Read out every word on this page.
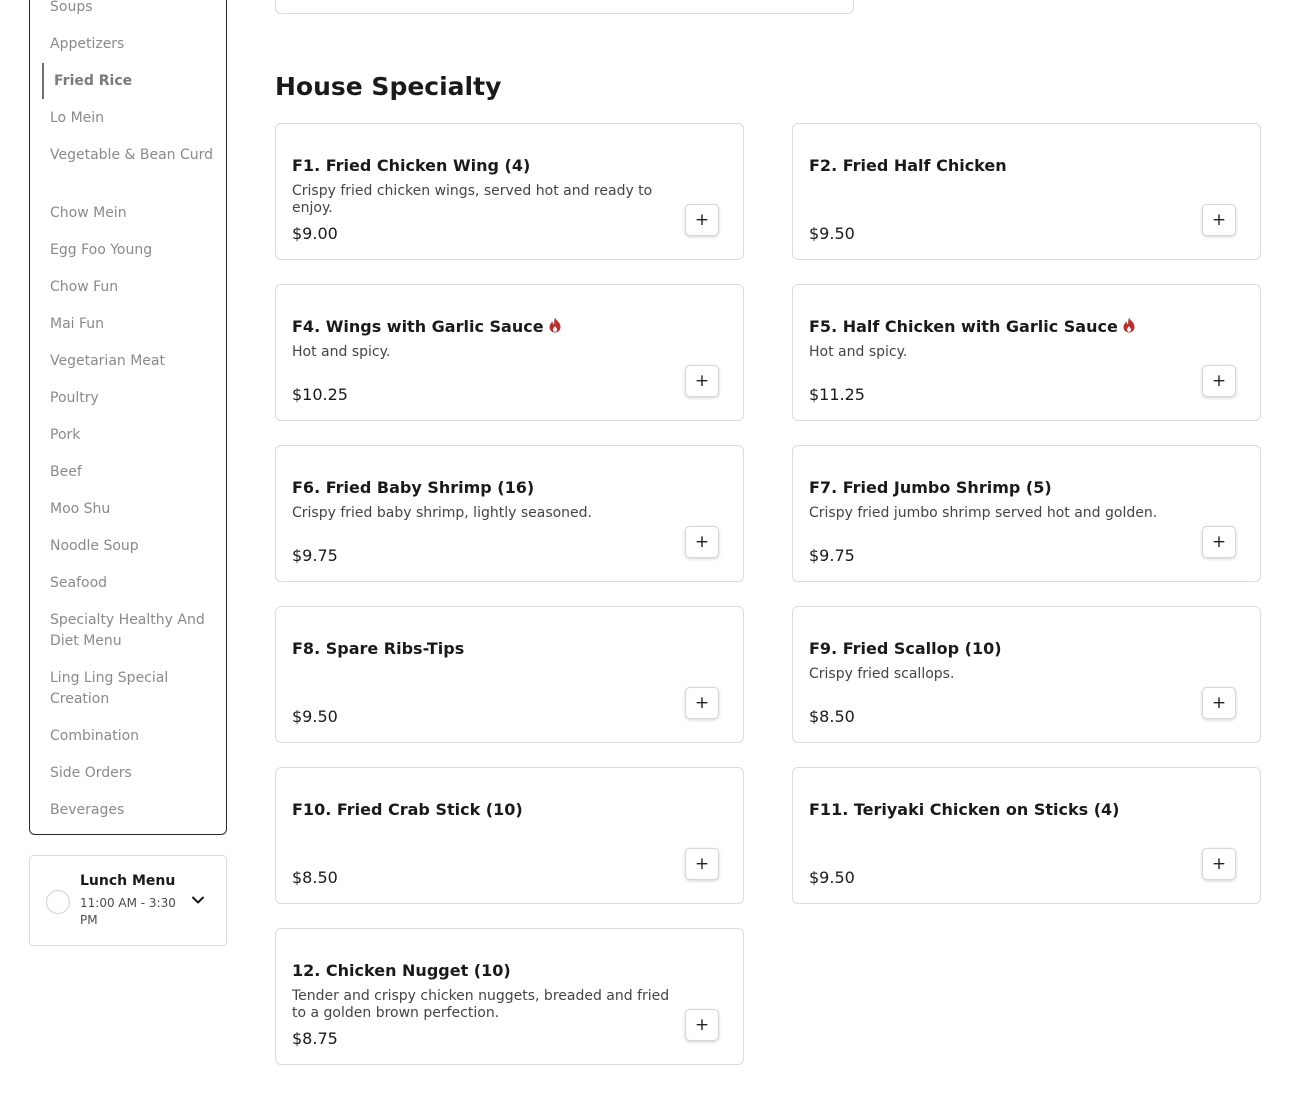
Soups
Appetizers
Fried Rice
Lo Mein
Vegetable & Bean Curd
Chow Mein
Egg Foo Young
Chow Fun
Mai Fun
Vegetarian Meat
Poultry
Pork
Beef
Moo Shu
Noodle Soup
Seafood
Specialty Healthy And Diet Menu
Ling Ling Special Creation
Combination
Side Orders
Beverages
Lunch Menu
11:00 AM - 3:30 PM
House Specialty
F1. Fried Chicken Wing (4)
Crispy fried chicken wings, served hot and ready to enjoy.
$9.00
+
F2. Fried Half Chicken
$9.50
+
F4. Wings with Garlic Sauce
Hot and spicy.
$10.25
+
F5. Half Chicken with Garlic Sauce
Hot and spicy.
$11.25
+
F6. Fried Baby Shrimp (16)
Crispy fried baby shrimp, lightly seasoned.
$9.75
+
F7. Fried Jumbo Shrimp (5)
Crispy fried jumbo shrimp served hot and golden.
$9.75
+
F8. Spare Ribs-Tips
$9.50
+
F9. Fried Scallop (10)
Crispy fried scallops.
$8.50
+
F10. Fried Crab Stick (10)
$8.50
+
F11. Teriyaki Chicken on Sticks (4)
$9.50
+
12. Chicken Nugget (10)
Tender and crispy chicken nuggets, breaded and fried to a golden brown perfection.
$8.75
+
